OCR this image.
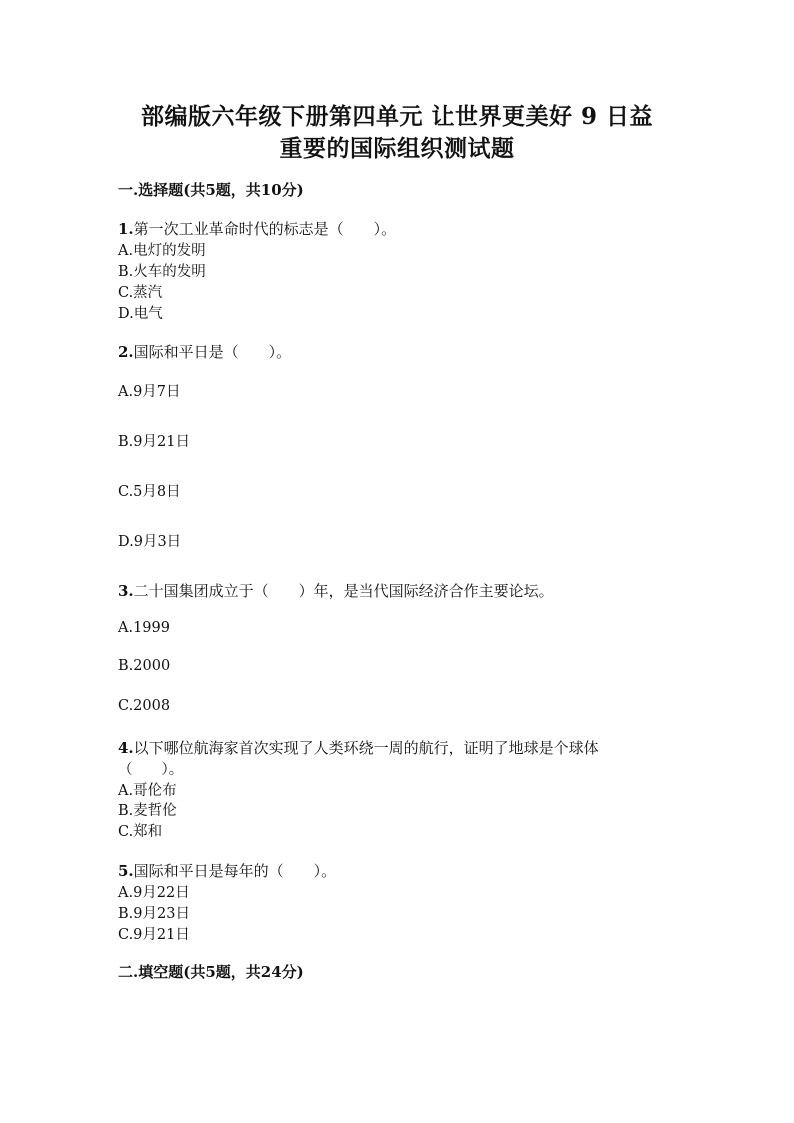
部编版六年级下册第四单元 让世界更美好 9 日益
重要的国际组织测试题
一.选择题(共5题，共10分)
1.第一次工业革命时代的标志是（　　）。
A.电灯的发明
B.火车的发明
C.蒸汽
D.电气
2.国际和平日是（　　）。
A.9月7日
B.9月21日
C.5月8日
D.9月3日
3.二十国集团成立于（　　）年，是当代国际经济合作主要论坛。
A.1999
B.2000
C.2008
4.以下哪位航海家首次实现了人类环绕一周的航行，证明了地球是个球体
（　　）。
A.哥伦布
B.麦哲伦
C.郑和
5.国际和平日是每年的（　　）。
A.9月22日
B.9月23日
C.9月21日
二.填空题(共5题，共24分)
